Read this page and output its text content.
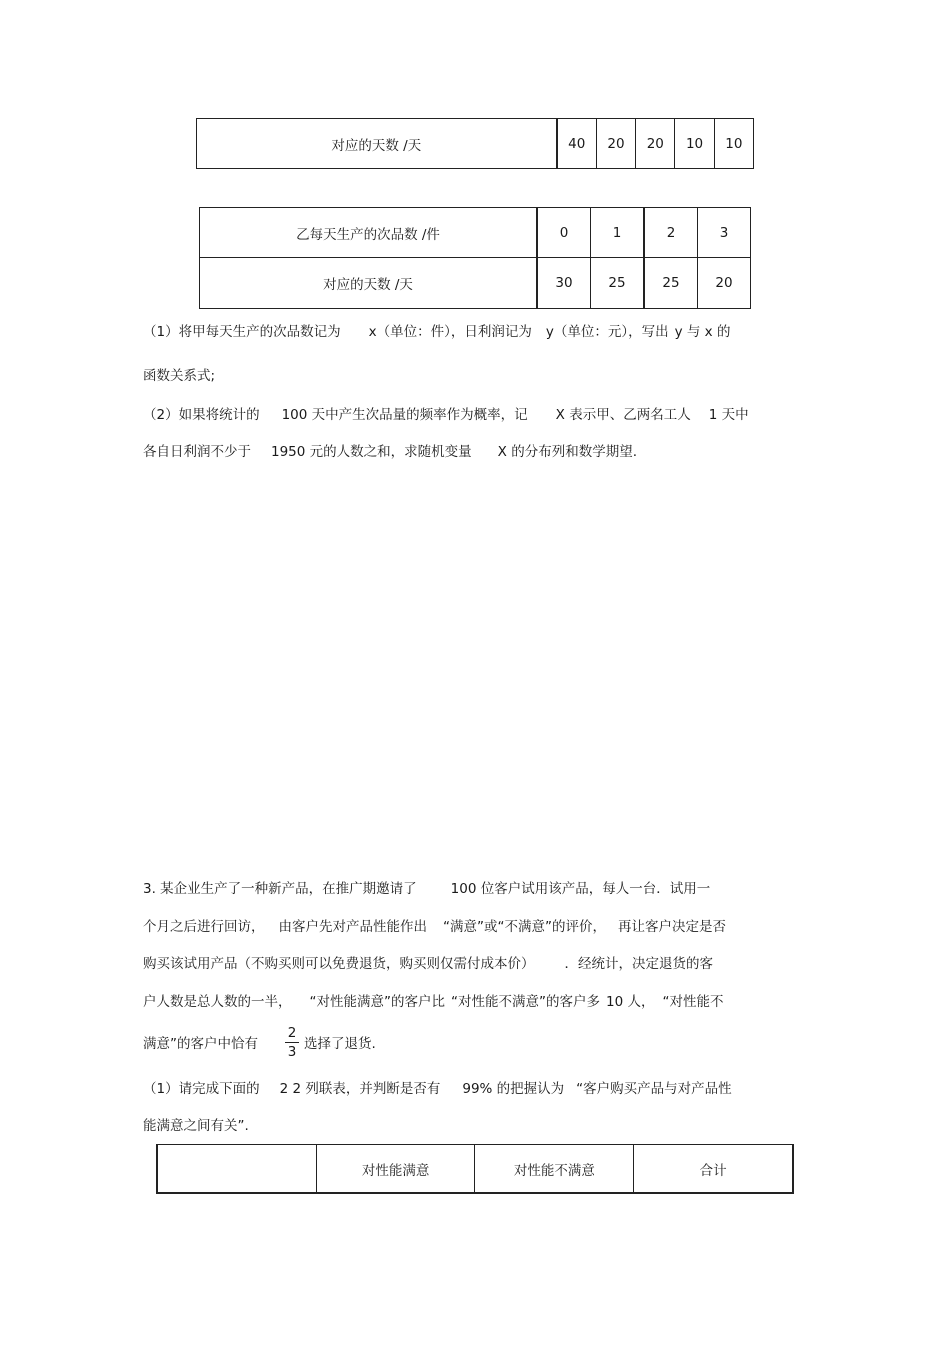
对应的天数 /天	40	20	20	10	10
乙每天生产的次品数 /件	0	1	2	3
对应的天数 /天	30	25	25	20
（1）将甲每天生产的次品数记为 x（单位：件），日利润记为 y（单位：元），写出 y 与 x 的
函数关系式;
（2）如果将统计的 100 天中产生次品量的频率作为概率，记 X 表示甲、乙两名工人 1 天中
各自日利润不少于 1950 元的人数之和，求随机变量 X 的分布列和数学期望.
3. 某企业生产了一种新产品，在推广期邀请了	100 位客户试用该产品，每人一台．试用一
个月之后进行回访， 由客户先对产品性能作出 “满意”或“不满意”的评价， 再让客户决定是否
购买该试用产品（不购买则可以免费退货，购买则仅需付成本价） ．经统计，决定退货的客
户人数是总人数的一半， “对性能满意”的客户比 “对性能不满意”的客户多 10 人， “对性能不
满意”的客户中恰有
2
3 选择了退货.
（1）请完成下面的 2 2 列联表，并判断是否有 99% 的把握认为 “客户购买产品与对产品性
能满意之间有关”.
	对性能满意	对性能不满意	合计
